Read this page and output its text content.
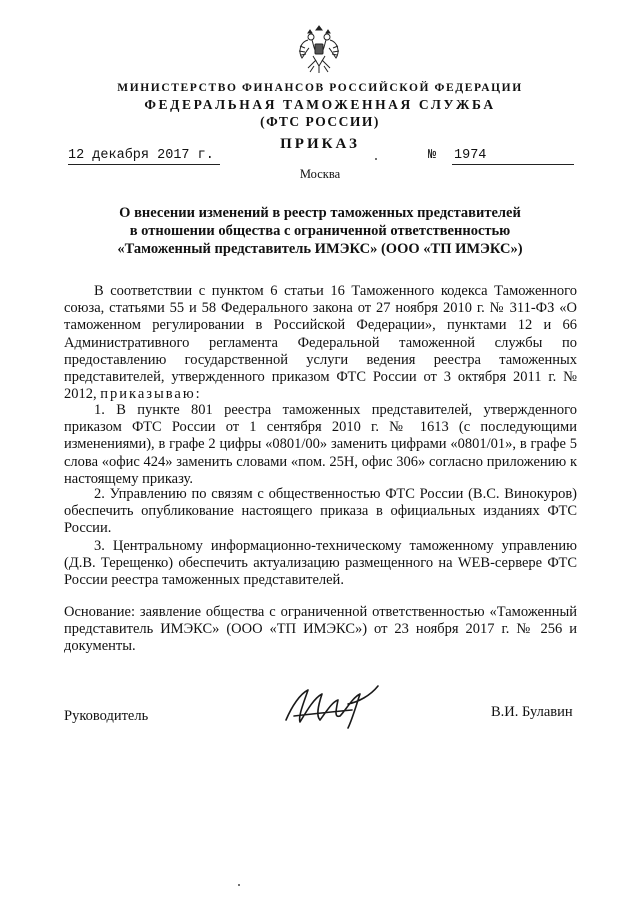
МИНИСТЕРСТВО ФИНАНСОВ РОССИЙСКОЙ ФЕДЕРАЦИИ
ФЕДЕРАЛЬНАЯ ТАМОЖЕННАЯ СЛУЖБА
(ФТС РОССИИ)
ПРИКАЗ
12 декабря 2017 г.	№ 1974
Москва
О внесении изменений в реестр таможенных представителей
в отношении общества с ограниченной ответственностью
«Таможенный представитель ИМЭКС» (ООО «ТП ИМЭКС»)

В соответствии с пунктом 6 статьи 16 Таможенного кодекса Таможенного союза, статьями 55 и 58 Федерального закона от 27 ноября 2010 г. № 311-ФЗ «О таможенном регулировании в Российской Федерации», пунктами 12 и 66 Административного регламента Федеральной таможенной службы по предоставлению государственной услуги ведения реестра таможенных представителей, утвержденного приказом ФТС России от 3 октября 2011 г. № 2012, приказываю:

1. В пункте 801 реестра таможенных представителей, утвержденного приказом ФТС России от 1 сентября 2010 г. № 1613 (с последующими изменениями), в графе 2 цифры «0801/00» заменить цифрами «0801/01», в графе 5 слова «офис 424» заменить словами «пом. 25Н, офис 306» согласно приложению к настоящему приказу.

2. Управлению по связям с общественностью ФТС России (В.С. Винокуров) обеспечить опубликование настоящего приказа в официальных изданиях ФТС России.

3. Центральному информационно-техническому таможенному управлению (Д.В. Терещенко) обеспечить актуализацию размещенного на WEB-сервере ФТС России реестра таможенных представителей.

Основание: заявление общества с ограниченной ответственностью «Таможенный представитель ИМЭКС» (ООО «ТП ИМЭКС») от 23 ноября 2017 г. № 256 и документы.

Руководитель	В.И. Булавин
